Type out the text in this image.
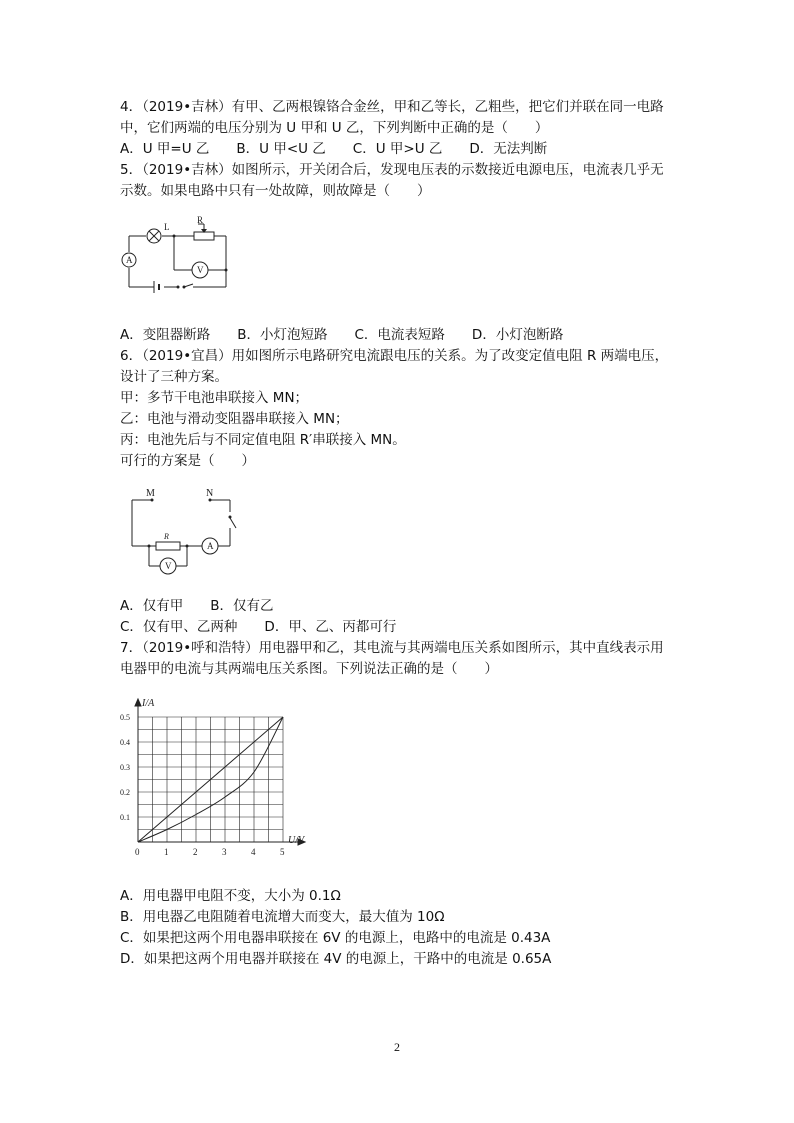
4．（2019•吉林）有甲、乙两根镍铬合金丝，甲和乙等长，乙粗些，把它们并联在同一电路
中，它们两端的电压分别为 U 甲和 U 乙，下列判断中正确的是（　　）
A．U 甲=U 乙　　B．U 甲<U 乙　　C．U 甲>U 乙　　D．无法判断
5．（2019•吉林）如图所示，开关闭合后，发现电压表的示数接近电源电压，电流表几乎无
示数。如果电路中只有一处故障，则故障是（　　）
L
R
A
V
A．变阻器断路　　B．小灯泡短路　　C．电流表短路　　D．小灯泡断路
6．（2019•宜昌）用如图所示电路研究电流跟电压的关系。为了改变定值电阻 R 两端电压，
设计了三种方案。
甲：多节干电池串联接入 MN；
乙：电池与滑动变阻器串联接入 MN；
丙：电池先后与不同定值电阻 R′串联接入 MN。
可行的方案是（　　）
M	N
R
A
V
A．仅有甲　　B．仅有乙
C．仅有甲、乙两种　　D．甲、乙、丙都可行
7．（2019•呼和浩特）用电器甲和乙，其电流与其两端电压关系如图所示，其中直线表示用
电器甲的电流与其两端电压关系图。下列说法正确的是（　　）
0	1	2	3	4	5
0.1
0.2
0.3
0.4
0.5
I/A
U/V
A．用电器甲电阻不变，大小为 0.1Ω
B．用电器乙电阻随着电流增大而变大，最大值为 10Ω
C．如果把这两个用电器串联接在 6V 的电源上，电路中的电流是 0.43A
D．如果把这两个用电器并联接在 4V 的电源上，干路中的电流是 0.65A
2
